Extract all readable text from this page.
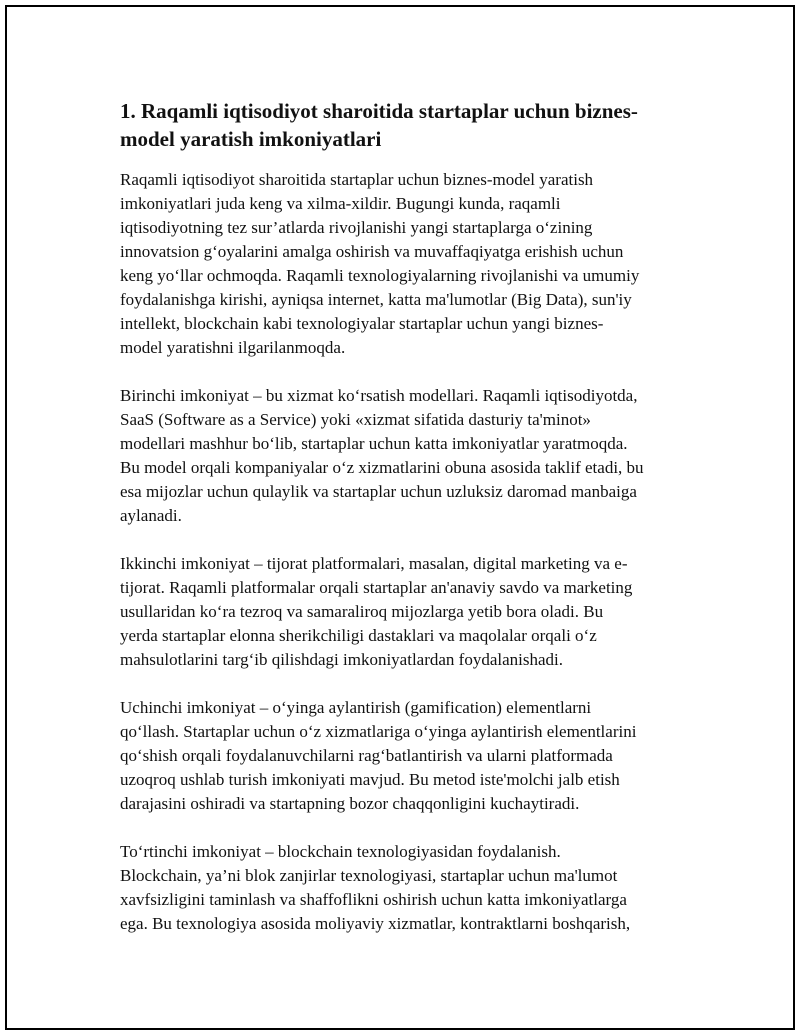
1. Raqamli iqtisodiyot sharoitida startaplar uchun biznes-
model yaratish imkoniyatlari

Raqamli iqtisodiyot sharoitida startaplar uchun biznes-model yaratish
imkoniyatlari juda keng va xilma-xildir. Bugungi kunda, raqamli
iqtisodiyotning tez sur’atlarda rivojlanishi yangi startaplarga o‘zining
innovatsion g‘oyalarini amalga oshirish va muvaffaqiyatga erishish uchun
keng yo‘llar ochmoqda. Raqamli texnologiyalarning rivojlanishi va umumiy
foydalanishga kirishi, ayniqsa internet, katta ma'lumotlar (Big Data), sun'iy
intellekt, blockchain kabi texnologiyalar startaplar uchun yangi biznes-
model yaratishni ilgarilanmoqda.

Birinchi imkoniyat – bu xizmat ko‘rsatish modellari. Raqamli iqtisodiyotda,
SaaS (Software as a Service) yoki «xizmat sifatida dasturiy ta'minot»
modellari mashhur bo‘lib, startaplar uchun katta imkoniyatlar yaratmoqda.
Bu model orqali kompaniyalar o‘z xizmatlarini obuna asosida taklif etadi, bu
esa mijozlar uchun qulaylik va startaplar uchun uzluksiz daromad manbaiga
aylanadi.

Ikkinchi imkoniyat – tijorat platformalari, masalan, digital marketing va e-
tijorat. Raqamli platformalar orqali startaplar an'anaviy savdo va marketing
usullaridan ko‘ra tezroq va samaraliroq mijozlarga yetib bora oladi. Bu
yerda startaplar elonna sherikchiligi dastaklari va maqolalar orqali o‘z
mahsulotlarini targ‘ib qilishdagi imkoniyatlardan foydalanishadi.

Uchinchi imkoniyat – o‘yinga aylantirish (gamification) elementlarni
qo‘llash. Startaplar uchun o‘z xizmatlariga o‘yinga aylantirish elementlarini
qo‘shish orqali foydalanuvchilarni rag‘batlantirish va ularni platformada
uzoqroq ushlab turish imkoniyati mavjud. Bu metod iste'molchi jalb etish
darajasini oshiradi va startapning bozor chaqqonligini kuchaytiradi.

To‘rtinchi imkoniyat – blockchain texnologiyasidan foydalanish.
Blockchain, ya’ni blok zanjirlar texnologiyasi, startaplar uchun ma'lumot
xavfsizligini taminlash va shaffoflikni oshirish uchun katta imkoniyatlarga
ega. Bu texnologiya asosida moliyaviy xizmatlar, kontraktlarni boshqarish,
